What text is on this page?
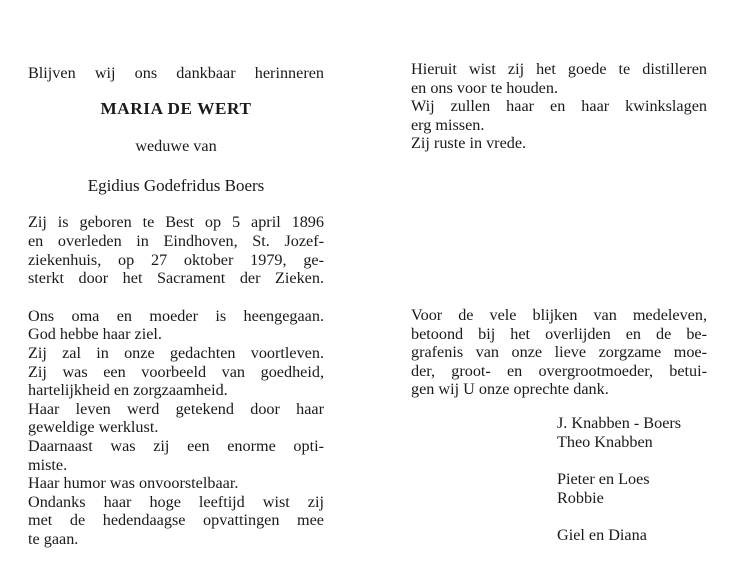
Blijven wij ons dankbaar herinneren
MARIA DE WERT
weduwe van
Egidius Godefridus Boers
Zij is geboren te Best op 5 april 1896
en overleden in Eindhoven, St. Jozef-
ziekenhuis, op 27 oktober 1979, ge-
sterkt door het Sacrament der Zieken.
Ons oma en moeder is heengegaan.
God hebbe haar ziel.
Zij zal in onze gedachten voortleven.
Zij was een voorbeeld van goedheid,
hartelijkheid en zorgzaamheid.
Haar leven werd getekend door haar
geweldige werklust.
Daarnaast was zij een enorme opti-
miste.
Haar humor was onvoorstelbaar.
Ondanks haar hoge leeftijd wist zij
met de hedendaagse opvattingen mee
te gaan.
Hieruit wist zij het goede te distilleren
en ons voor te houden.
Wij zullen haar en haar kwinkslagen
erg missen.
Zij ruste in vrede.
Voor de vele blijken van medeleven,
betoond bij het overlijden en de be-
grafenis van onze lieve zorgzame moe-
der, groot- en overgrootmoeder, betui-
gen wij U onze oprechte dank.
J. Knabben - Boers
Theo Knabben
Pieter en Loes
Robbie
Giel en Diana
